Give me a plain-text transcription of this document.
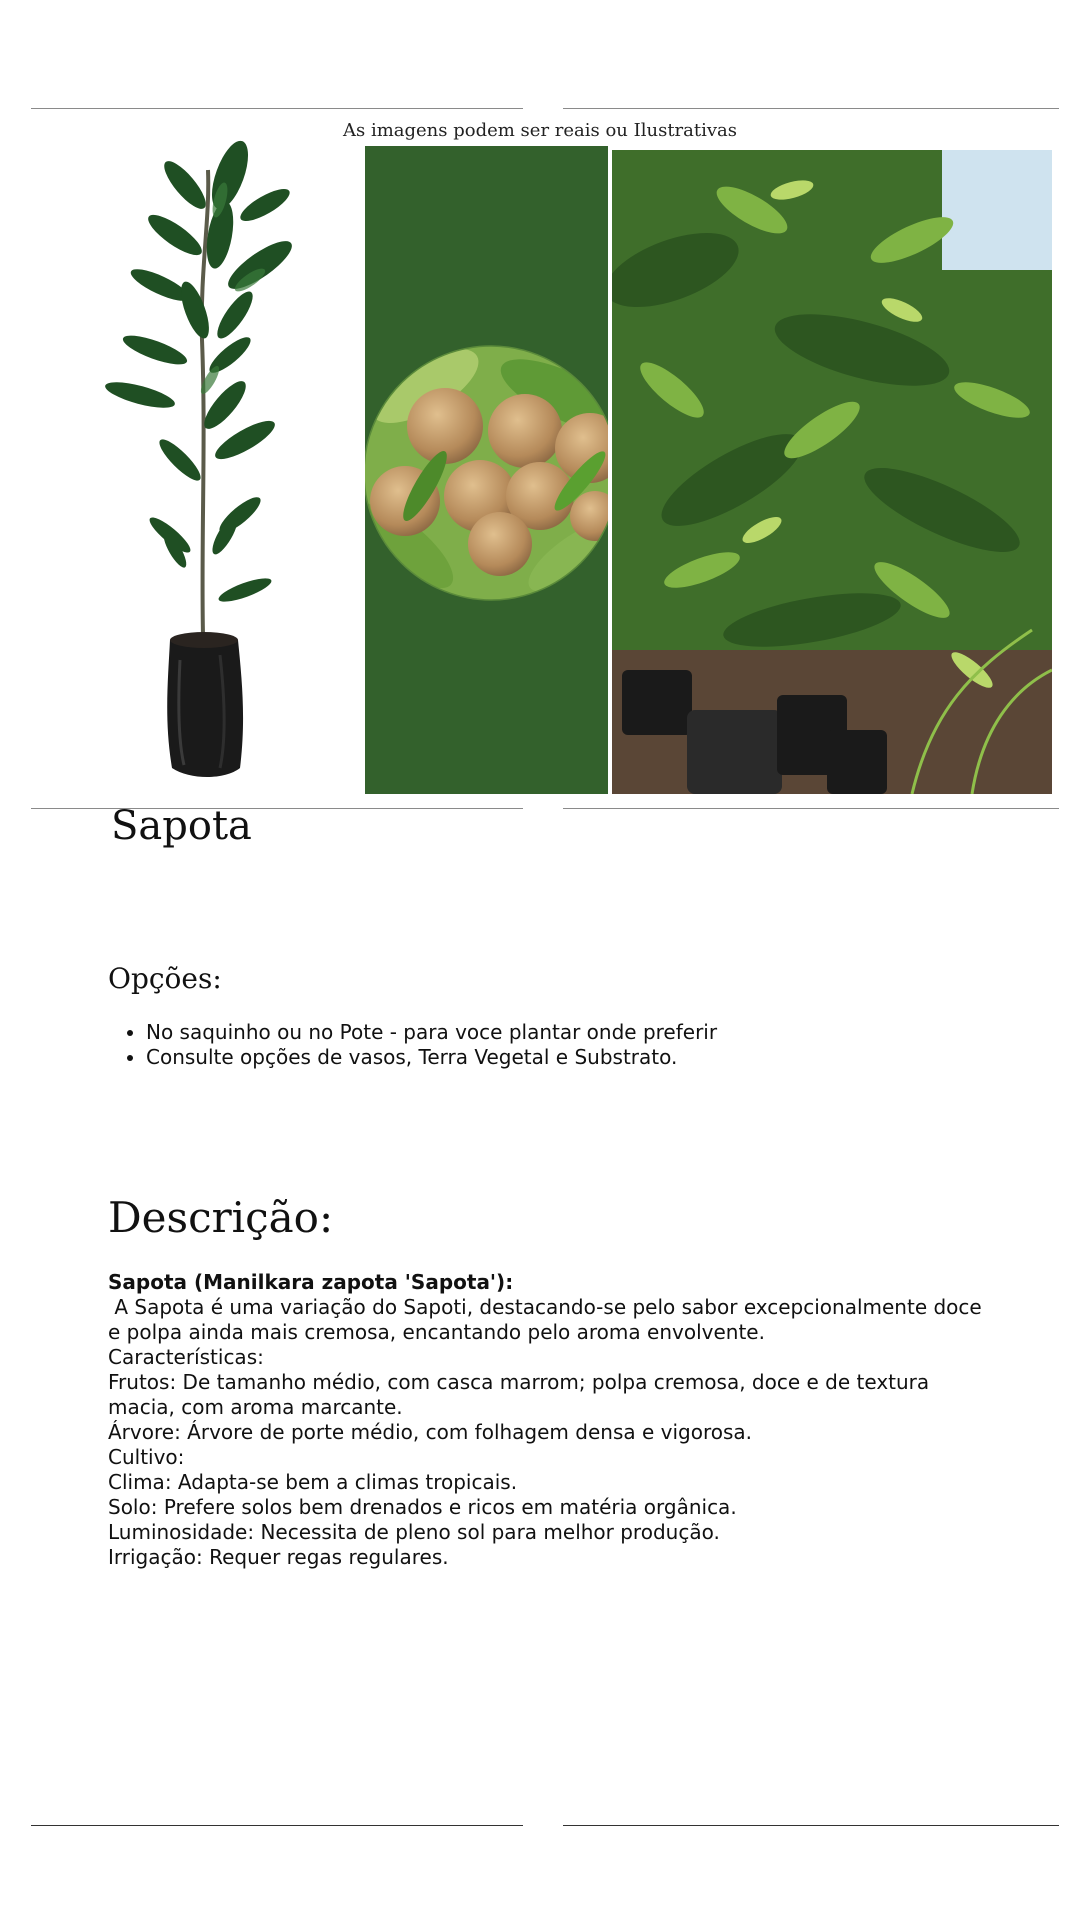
As imagens podem ser reais ou Ilustrativas
Sapota
Opções:
• No saquinho ou no Pote - para voce plantar onde preferir
• Consulte opções de vasos, Terra Vegetal e Substrato.
Descrição:
Sapota (Manilkara zapota 'Sapota'):
A Sapota é uma variação do Sapoti, destacando-se pelo sabor excepcionalmente doce e polpa ainda mais cremosa, encantando pelo aroma envolvente.
Características:
Frutos: De tamanho médio, com casca marrom; polpa cremosa, doce e de textura macia, com aroma marcante.
Árvore: Árvore de porte médio, com folhagem densa e vigorosa.
Cultivo:
Clima: Adapta-se bem a climas tropicais.
Solo: Prefere solos bem drenados e ricos em matéria orgânica.
Luminosidade: Necessita de pleno sol para melhor produção.
Irrigação: Requer regas regulares.
